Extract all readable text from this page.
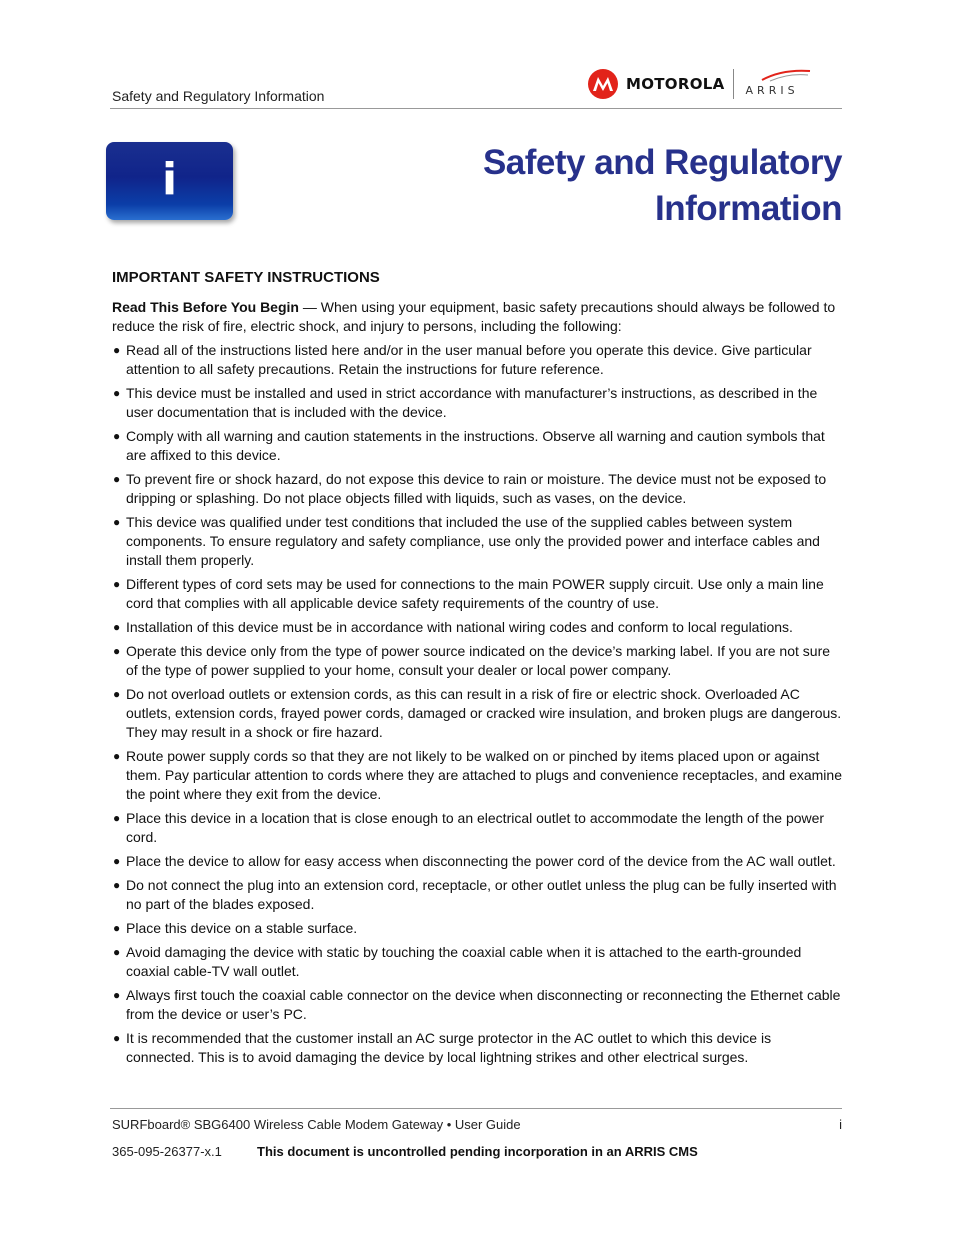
Safety and Regulatory Information
MOTOROLA ARRIS
i	Safety and Regulatory
Information
IMPORTANT SAFETY INSTRUCTIONS

Read This Before You Begin — When using your equipment, basic safety precautions should always be followed to reduce the risk of fire, electric shock, and injury to persons, including the following:

● Read all of the instructions listed here and/or in the user manual before you operate this device. Give particular attention to all safety precautions. Retain the instructions for future reference.
● This device must be installed and used in strict accordance with manufacturer’s instructions, as described in the user documentation that is included with the device.
● Comply with all warning and caution statements in the instructions. Observe all warning and caution symbols that are affixed to this device.
● To prevent fire or shock hazard, do not expose this device to rain or moisture. The device must not be exposed to dripping or splashing. Do not place objects filled with liquids, such as vases, on the device.
● This device was qualified under test conditions that included the use of the supplied cables between system components. To ensure regulatory and safety compliance, use only the provided power and interface cables and install them properly.
● Different types of cord sets may be used for connections to the main POWER supply circuit. Use only a main line cord that complies with all applicable device safety requirements of the country of use.
● Installation of this device must be in accordance with national wiring codes and conform to local regulations.
● Operate this device only from the type of power source indicated on the device’s marking label. If you are not sure of the type of power supplied to your home, consult your dealer or local power company.
● Do not overload outlets or extension cords, as this can result in a risk of fire or electric shock. Overloaded AC outlets, extension cords, frayed power cords, damaged or cracked wire insulation, and broken plugs are dangerous. They may result in a shock or fire hazard.
● Route power supply cords so that they are not likely to be walked on or pinched by items placed upon or against them. Pay particular attention to cords where they are attached to plugs and convenience receptacles, and examine the point where they exit from the device.
● Place this device in a location that is close enough to an electrical outlet to accommodate the length of the power cord.
● Place the device to allow for easy access when disconnecting the power cord of the device from the AC wall outlet.
● Do not connect the plug into an extension cord, receptacle, or other outlet unless the plug can be fully inserted with no part of the blades exposed.
● Place this device on a stable surface.
● Avoid damaging the device with static by touching the coaxial cable when it is attached to the earth-grounded coaxial cable-TV wall outlet.
● Always first touch the coaxial cable connector on the device when disconnecting or reconnecting the Ethernet cable from the device or user’s PC.
● It is recommended that the customer install an AC surge protector in the AC outlet to which this device is connected. This is to avoid damaging the device by local lightning strikes and other electrical surges.
SURFboard® SBG6400 Wireless Cable Modem Gateway • User Guide	i
365-095-26377-x.1	This document is uncontrolled pending incorporation in an ARRIS CMS
